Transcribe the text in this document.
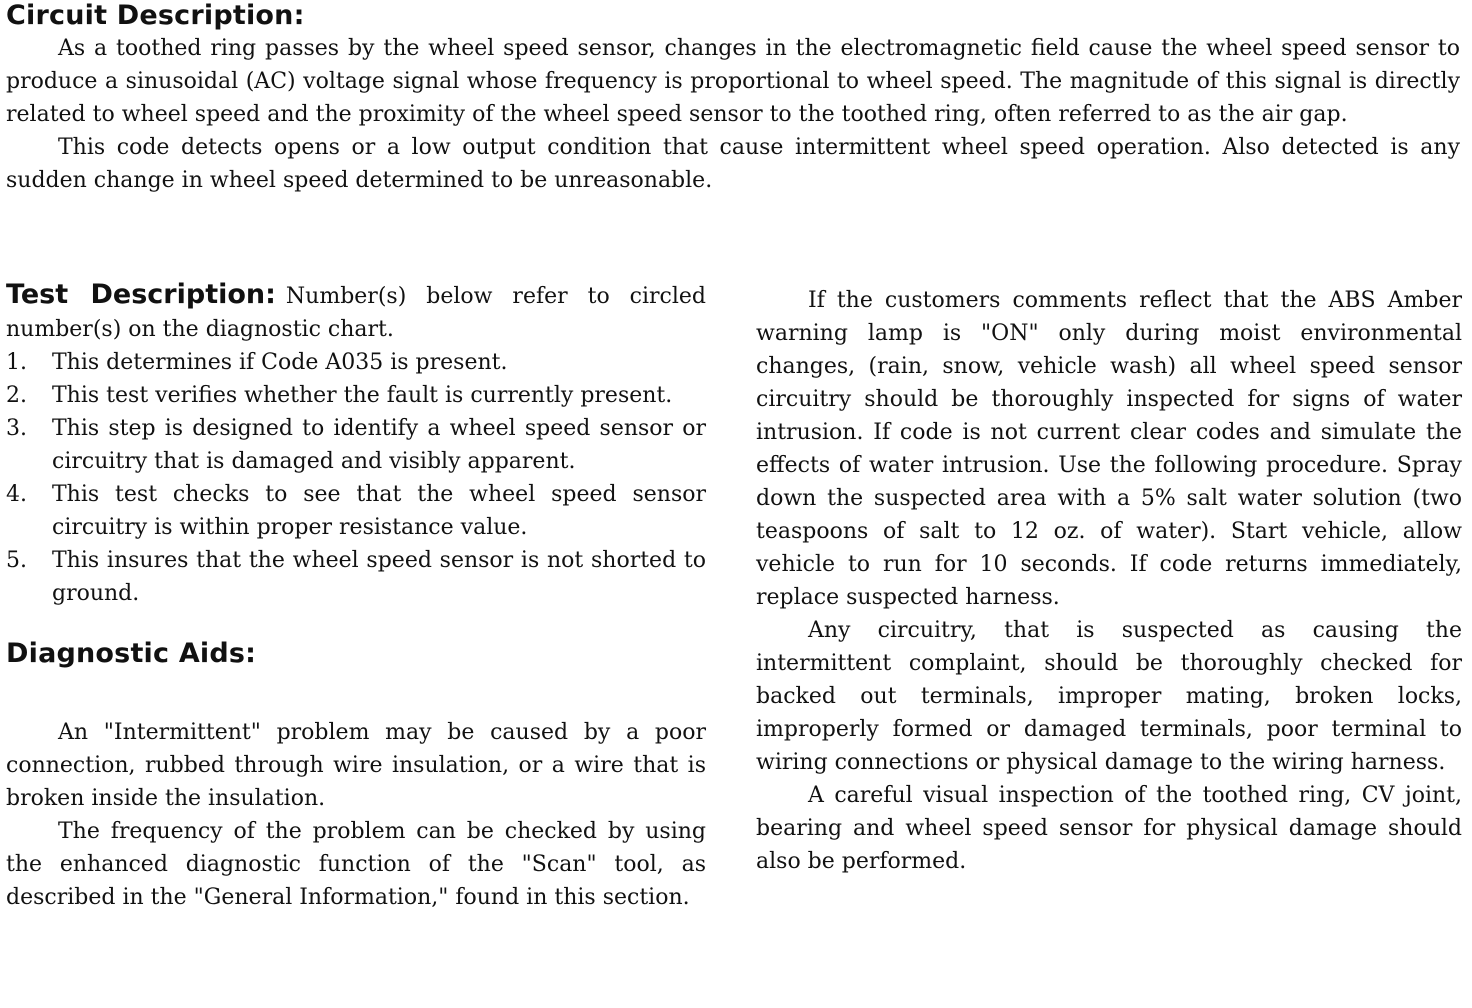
Circuit Description:

As a toothed ring passes by the wheel speed sensor, changes in the electromagnetic field cause the wheel speed sensor to produce a sinusoidal (AC) voltage signal whose frequency is proportional to wheel speed. The magnitude of this signal is directly related to wheel speed and the proximity of the wheel speed sensor to the toothed ring, often referred to as the air gap.

This code detects opens or a low output condition that cause intermittent wheel speed operation. Also detected is any sudden change in wheel speed determined to be unreasonable.

Test Description: Number(s) below refer to circled number(s) on the diagnostic chart.

1. This determines if Code A035 is present.
2. This test verifies whether the fault is currently present.
3. This step is designed to identify a wheel speed sensor or circuitry that is damaged and visibly apparent.
4. This test checks to see that the wheel speed sensor circuitry is within proper resistance value.
5. This insures that the wheel speed sensor is not shorted to ground.
Diagnostic Aids:

An "Intermittent" problem may be caused by a poor connection, rubbed through wire insulation, or a wire that is broken inside the insulation.

The frequency of the problem can be checked by using the enhanced diagnostic function of the "Scan" tool, as described in the "General Information," found in this section.

If the customers comments reflect that the ABS Amber warning lamp is "ON" only during moist environmental changes, (rain, snow, vehicle wash) all wheel speed sensor circuitry should be thoroughly inspected for signs of water intrusion. If code is not current clear codes and simulate the effects of water intrusion. Use the following procedure. Spray down the suspected area with a 5% salt water solution (two teaspoons of salt to 12 oz. of water). Start vehicle, allow vehicle to run for 10 seconds. If code returns immediately, replace suspected harness.

Any circuitry, that is suspected as causing the intermittent complaint, should be thoroughly checked for backed out terminals, improper mating, broken locks, improperly formed or damaged terminals, poor terminal to wiring connections or physical damage to the wiring harness.

A careful visual inspection of the toothed ring, CV joint, bearing and wheel speed sensor for physical damage should also be performed.
